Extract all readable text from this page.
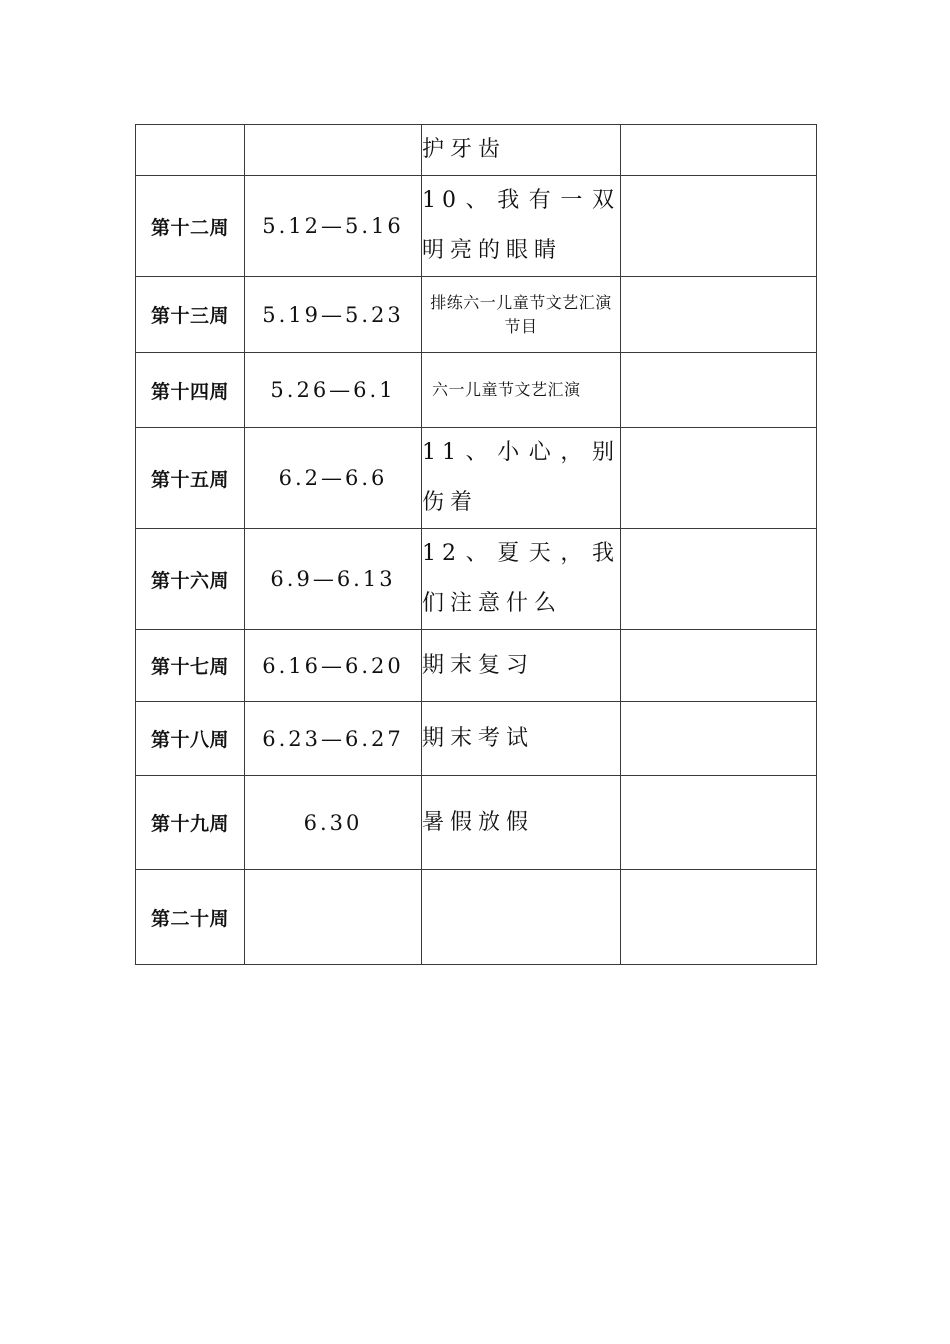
		护牙齿	
第十二周	5.12—5.16	10、我有一双明亮的眼睛	
第十三周	5.19—5.23	排练六一儿童节文艺汇演节目	
第十四周	5.26—6.1	六一儿童节文艺汇演	
第十五周	6.2—6.6	11、小心，别伤着	
第十六周	6.9—6.13	12、夏天，我们注意什么	
第十七周	6.16—6.20	期末复习	
第十八周	6.23—6.27	期末考试	
第十九周	6.30	暑假放假	
第二十周			
